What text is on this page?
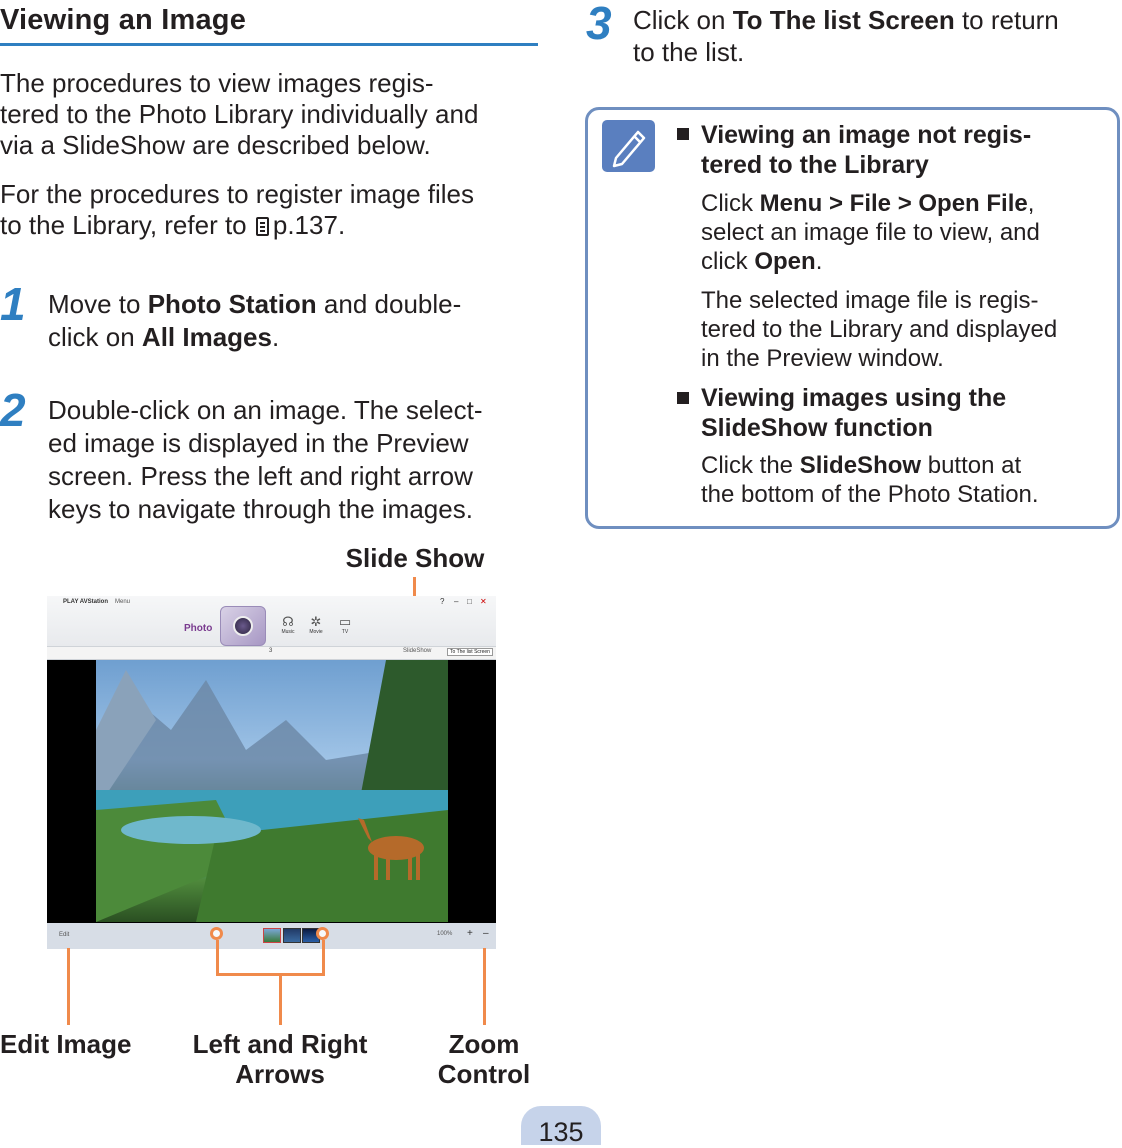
Viewing an Image
The procedures to view images regis-
tered to the Photo Library individually and
via a SlideShow are described below.
For the procedures to register image files
to the Library, refer to p.137.
1 Move to Photo Station and double-
click on All Images.
2 Double-click on an image. The select-
ed image is displayed in the Preview
screen. Press the left and right arrow
keys to navigate through the images.
Slide Show
PLAY AVStation Menu	? – □ ✕
Photo	☊
Music
✲
Movie
▭
TV
3	SlideShow	To The list Screen
Edit	100% + –
Edit Image	Left and Right
Arrows
Zoom
Control
3 Click on To The list Screen to return
to the list.
Viewing an image not regis-
tered to the Library
Click Menu > File > Open File,
select an image file to view, and
click Open.
The selected image file is regis-
tered to the Library and displayed
in the Preview window.
Viewing images using the
SlideShow function
Click the SlideShow button at
the bottom of the Photo Station.
135
